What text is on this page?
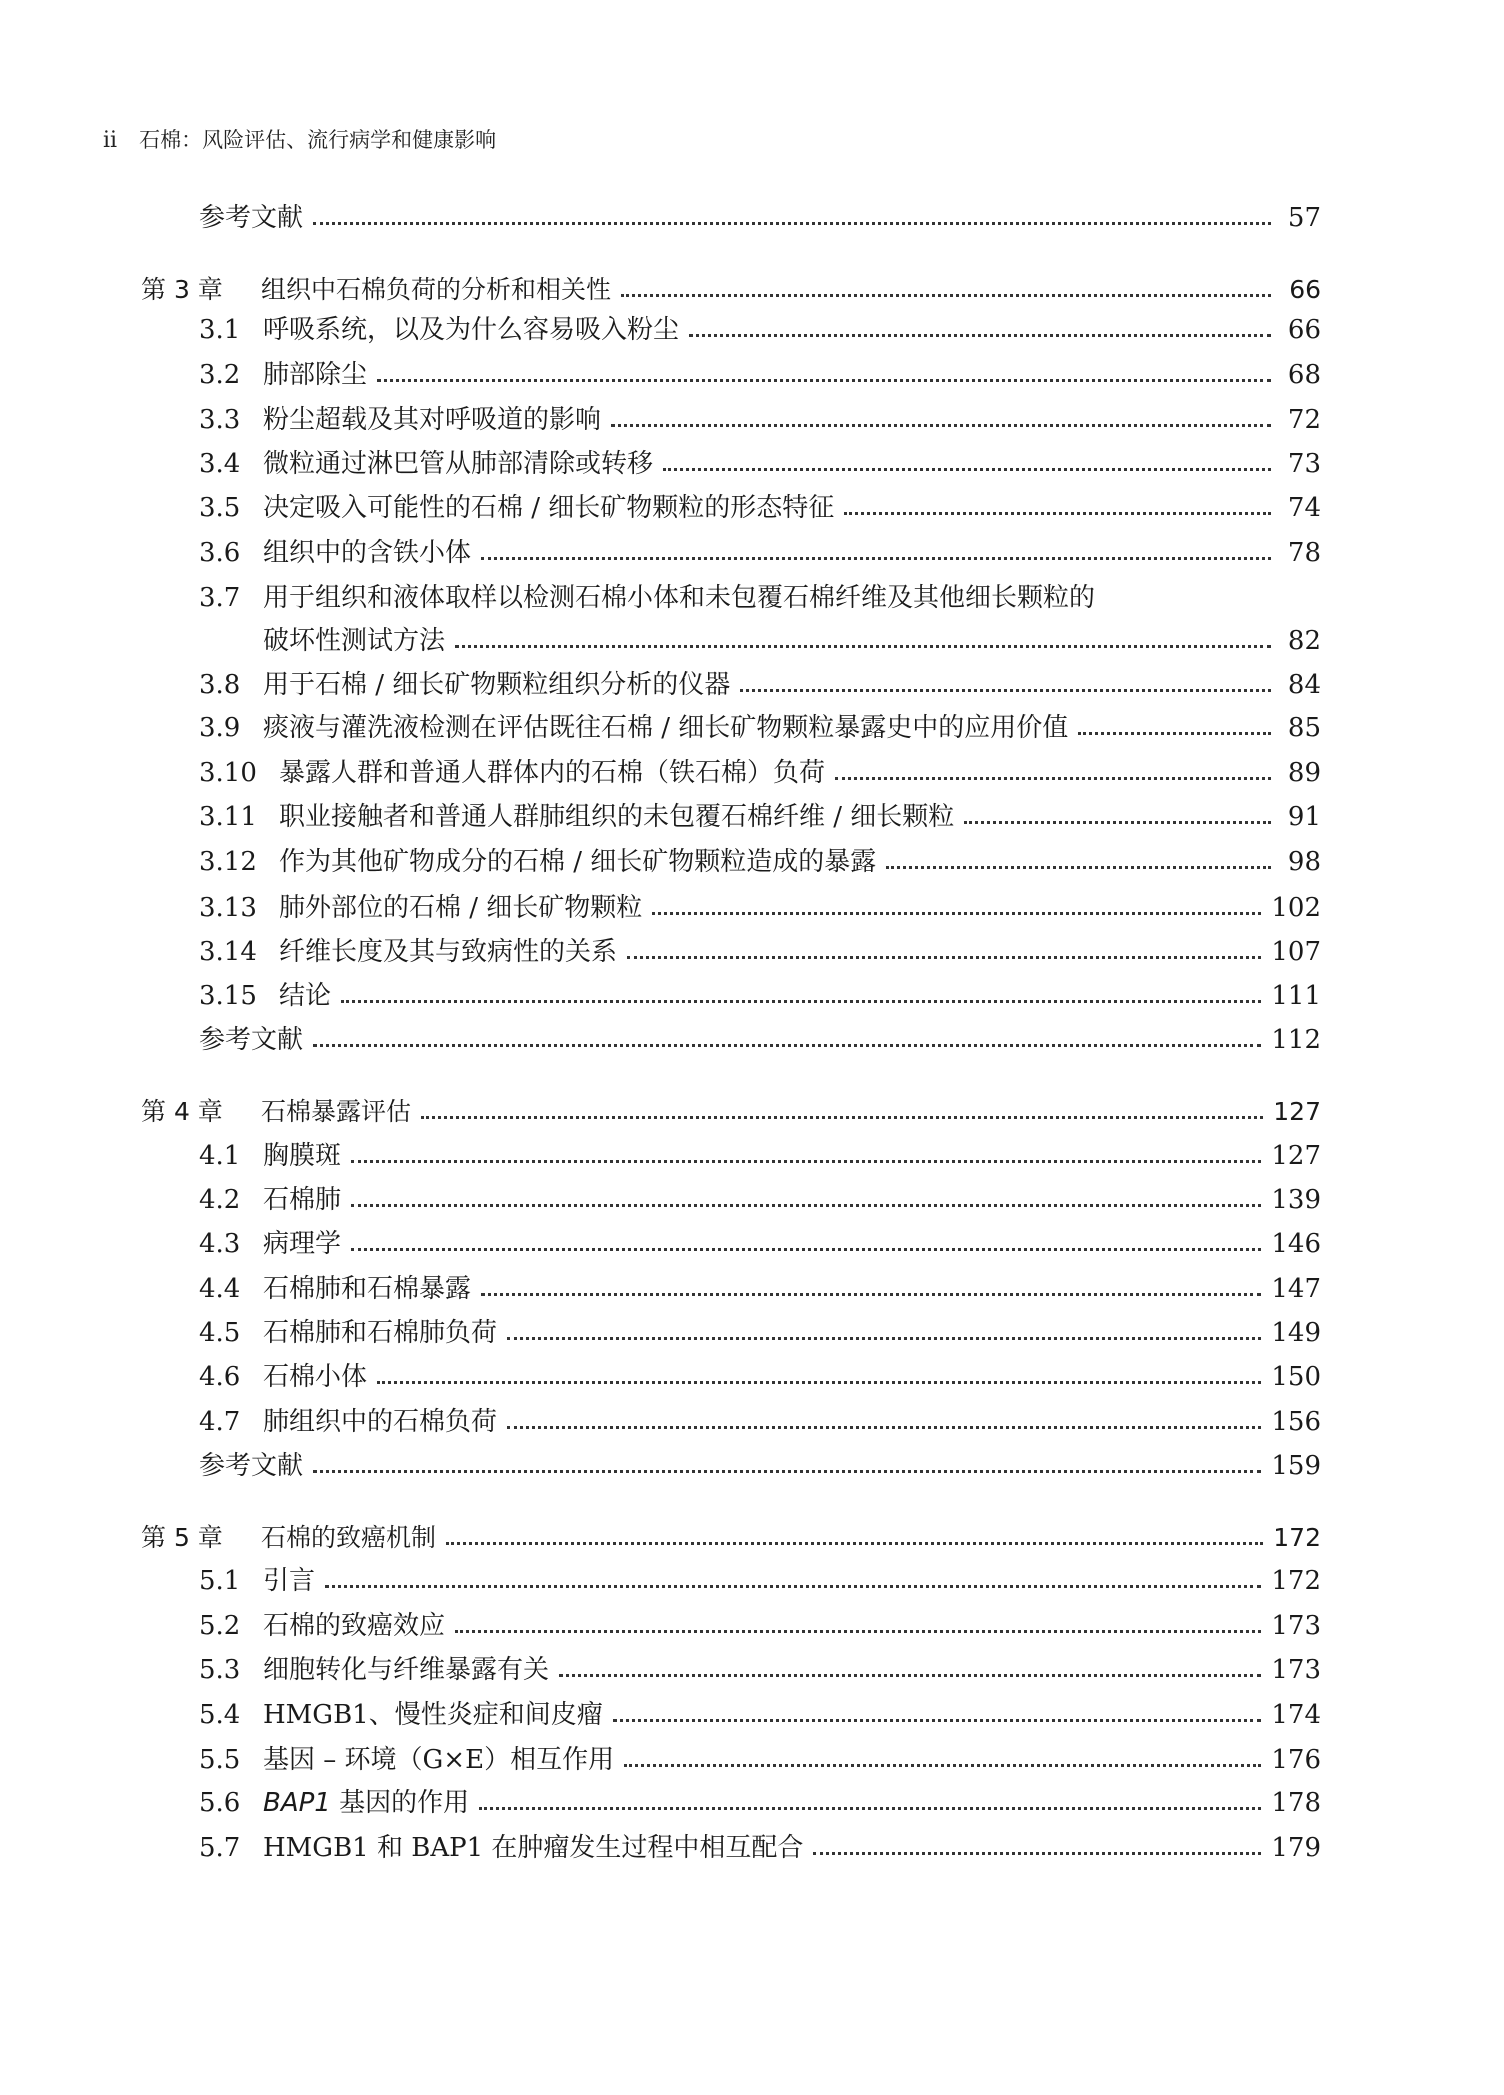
ii 石棉：风险评估、流行病学和健康影响
参考文献	57
第 3 章	组织中石棉负荷的分析和相关性	66
3.1 呼吸系统，以及为什么容易吸入粉尘	66
3.2 肺部除尘	68
3.3 粉尘超载及其对呼吸道的影响	72
3.4 微粒通过淋巴管从肺部清除或转移	73
3.5 决定吸入可能性的石棉 / 细长矿物颗粒的形态特征	74
3.6 组织中的含铁小体	78
3.7 用于组织和液体取样以检测石棉小体和未包覆石棉纤维及其他细长颗粒的
破坏性测试方法	82
3.8 用于石棉 / 细长矿物颗粒组织分析的仪器	84
3.9 痰液与灌洗液检测在评估既往石棉 / 细长矿物颗粒暴露史中的应用价值	85
3.10 暴露人群和普通人群体内的石棉（铁石棉）负荷	89
3.11 职业接触者和普通人群肺组织的未包覆石棉纤维 / 细长颗粒	91
3.12 作为其他矿物成分的石棉 / 细长矿物颗粒造成的暴露	98
3.13 肺外部位的石棉 / 细长矿物颗粒	102
3.14 纤维长度及其与致病性的关系	107
3.15 结论	111
参考文献	112
第 4 章	石棉暴露评估	127
4.1 胸膜斑	127
4.2 石棉肺	139
4.3 病理学	146
4.4 石棉肺和石棉暴露	147
4.5 石棉肺和石棉肺负荷	149
4.6 石棉小体	150
4.7 肺组织中的石棉负荷	156
参考文献	159
第 5 章	石棉的致癌机制	172
5.1 引言	172
5.2 石棉的致癌效应	173
5.3 细胞转化与纤维暴露有关	173
5.4 HMGB1、慢性炎症和间皮瘤	174
5.5 基因 – 环境（G×E）相互作用	176
5.6 BAP1 基因的作用	178
5.7 HMGB1 和 BAP1 在肿瘤发生过程中相互配合	179
